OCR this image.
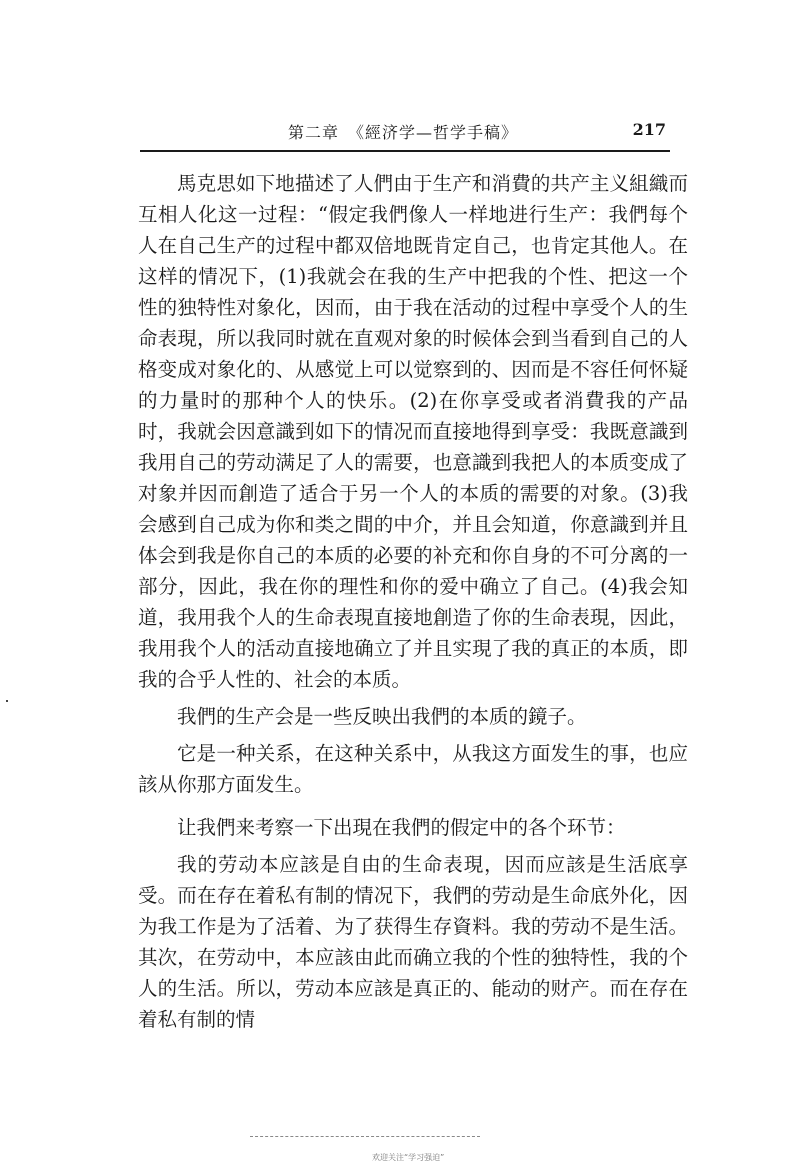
第二章　《經济学—哲学手稿》	217

馬克思如下地描述了人們由于生产和消費的共产主义組織而互相人化这一过程：“假定我們像人一样地进行生产：我們每个人在自己生产的过程中都双倍地既肯定自己，也肯定其他人。在这样的情况下，(1)我就会在我的生产中把我的个性、把这一个性的独特性对象化，因而，由于我在活动的过程中享受个人的生命表現，所以我同时就在直观对象的时候体会到当看到自己的人格变成对象化的、从感觉上可以觉察到的、因而是不容任何怀疑的力量时的那种个人的快乐。(2)在你享受或者消費我的产品时，我就会因意識到如下的情况而直接地得到享受：我既意識到我用自己的劳动满足了人的需要，也意識到我把人的本质变成了对象并因而創造了适合于另一个人的本质的需要的对象。(3)我会感到自己成为你和类之間的中介，并且会知道，你意識到并且体会到我是你自己的本质的必要的补充和你自身的不可分离的一部分，因此，我在你的理性和你的爱中确立了自己。(4)我会知道，我用我个人的生命表現直接地創造了你的生命表現，因此，我用我个人的活动直接地确立了并且实現了我的真正的本质，即我的合乎人性的、社会的本质。

我們的生产会是一些反映出我們的本质的鏡子。

它是一种关系，在这种关系中，从我这方面发生的事，也应該从你那方面发生。

让我們来考察一下出現在我們的假定中的各个环节：

我的劳动本应該是自由的生命表現，因而应該是生活底享受。而在存在着私有制的情况下，我們的劳动是生命底外化，因为我工作是为了活着、为了获得生存資料。我的劳动不是生活。其次，在劳动中，本应該由此而确立我的个性的独特性，我的个人的生活。所以，劳动本应該是真正的、能动的财产。而在存在着私有制的情

欢迎关注“学习强迫”
